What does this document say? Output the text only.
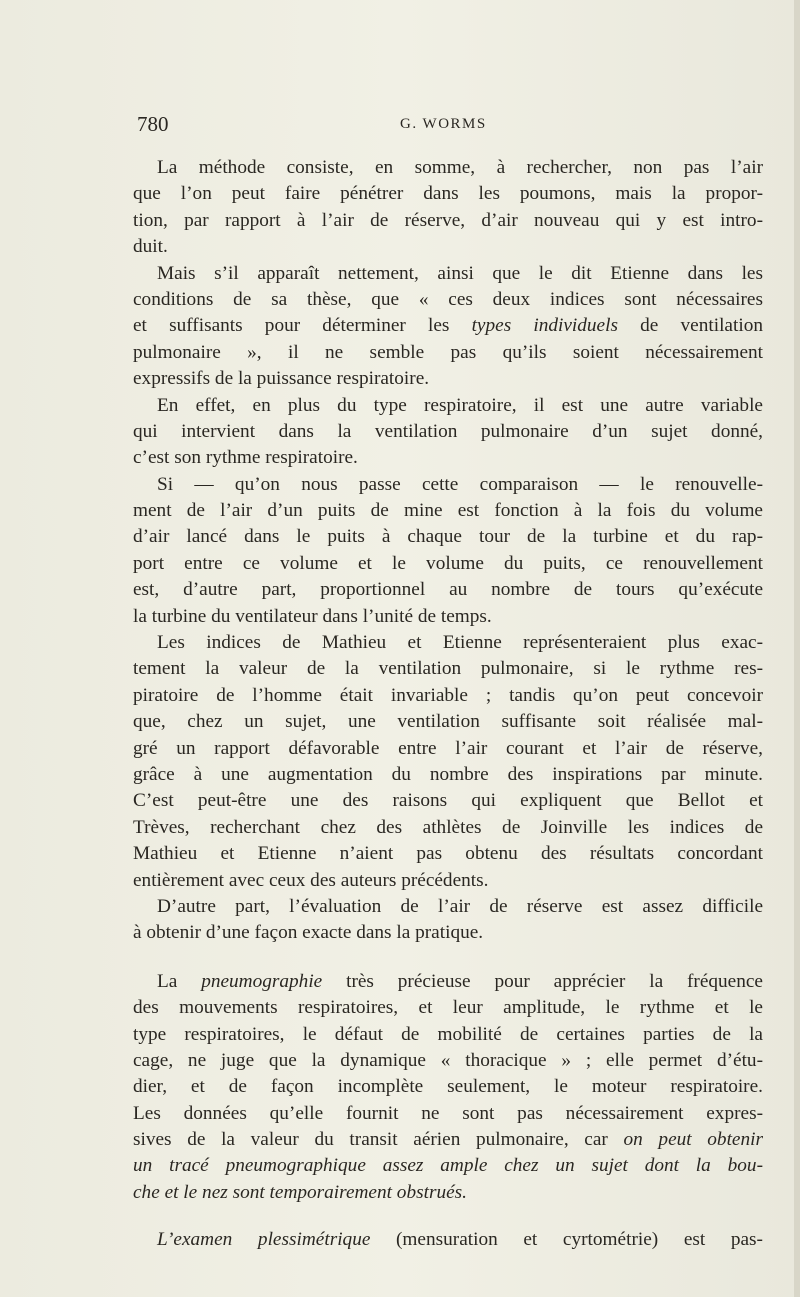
780	G. WORMS
La méthode consiste, en somme, à rechercher, non pas l’air
que l’on peut faire pénétrer dans les poumons, mais la propor-
tion, par rapport à l’air de réserve, d’air nouveau qui y est intro-
duit.
Mais s’il apparaît nettement, ainsi que le dit Etienne dans les
conditions de sa thèse, que « ces deux indices sont nécessaires
et suffisants pour déterminer les types individuels de ventilation
pulmonaire », il ne semble pas qu’ils soient nécessairement
expressifs de la puissance respiratoire.
En effet, en plus du type respiratoire, il est une autre variable
qui intervient dans la ventilation pulmonaire d’un sujet donné,
c’est son rythme respiratoire.
Si — qu’on nous passe cette comparaison — le renouvelle-
ment de l’air d’un puits de mine est fonction à la fois du volume
d’air lancé dans le puits à chaque tour de la turbine et du rap-
port entre ce volume et le volume du puits, ce renouvellement
est, d’autre part, proportionnel au nombre de tours qu’exécute
la turbine du ventilateur dans l’unité de temps.
Les indices de Mathieu et Etienne représenteraient plus exac-
tement la valeur de la ventilation pulmonaire, si le rythme res-
piratoire de l’homme était invariable ; tandis qu’on peut concevoir
que, chez un sujet, une ventilation suffisante soit réalisée mal-
gré un rapport défavorable entre l’air courant et l’air de réserve,
grâce à une augmentation du nombre des inspirations par minute.
C’est peut-être une des raisons qui expliquent que Bellot et
Trèves, recherchant chez des athlètes de Joinville les indices de
Mathieu et Etienne n’aient pas obtenu des résultats concordant
entièrement avec ceux des auteurs précédents.
D’autre part, l’évaluation de l’air de réserve est assez difficile
à obtenir d’une façon exacte dans la pratique.
La pneumographie très précieuse pour apprécier la fréquence
des mouvements respiratoires, et leur amplitude, le rythme et le
type respiratoires, le défaut de mobilité de certaines parties de la
cage, ne juge que la dynamique « thoracique » ; elle permet d’étu-
dier, et de façon incomplète seulement, le moteur respiratoire.
Les données qu’elle fournit ne sont pas nécessairement expres-
sives de la valeur du transit aérien pulmonaire, car on peut obtenir
un tracé pneumographique assez ample chez un sujet dont la bou-
che et le nez sont temporairement obstrués.
L’examen plessimétrique (mensuration et cyrtométrie) est pas-
